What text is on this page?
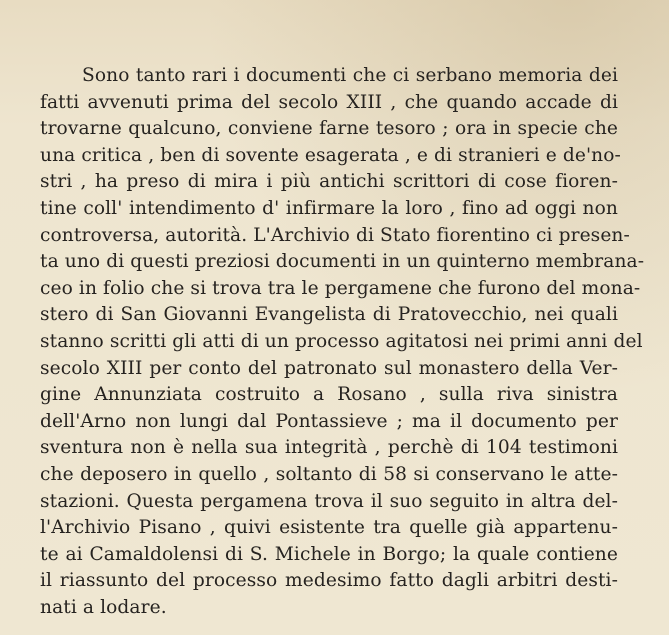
Sono tanto rari i documenti che ci serbano memoria dei
fatti avvenuti prima del secolo XIII , che quando accade di
trovarne qualcuno, conviene farne tesoro ; ora in specie che
una critica , ben di sovente esagerata , e di stranieri e de'no-
stri , ha preso di mira i più antichi scrittori di cose fioren-
tine coll' intendimento d' infirmare la loro , fino ad oggi non
controversa, autorità. L'Archivio di Stato fiorentino ci presen-
ta uno di questi preziosi documenti in un quinterno membrana-
ceo in folio che si trova tra le pergamene che furono del mona-
stero di San Giovanni Evangelista di Pratovecchio, nei quali
stanno scritti gli atti di un processo agitatosi nei primi anni del
secolo XIII per conto del patronato sul monastero della Ver-
gine Annunziata costruito a Rosano , sulla riva sinistra
dell'Arno non lungi dal Pontassieve ; ma il documento per
sventura non è nella sua integrità , perchè di 104 testimoni
che deposero in quello , soltanto di 58 si conservano le atte-
stazioni. Questa pergamena trova il suo seguito in altra del-
l'Archivio Pisano , quivi esistente tra quelle già appartenu-
te ai Camaldolensi di S. Michele in Borgo; la quale contiene
il riassunto del processo medesimo fatto dagli arbitri desti-
nati a lodare.
